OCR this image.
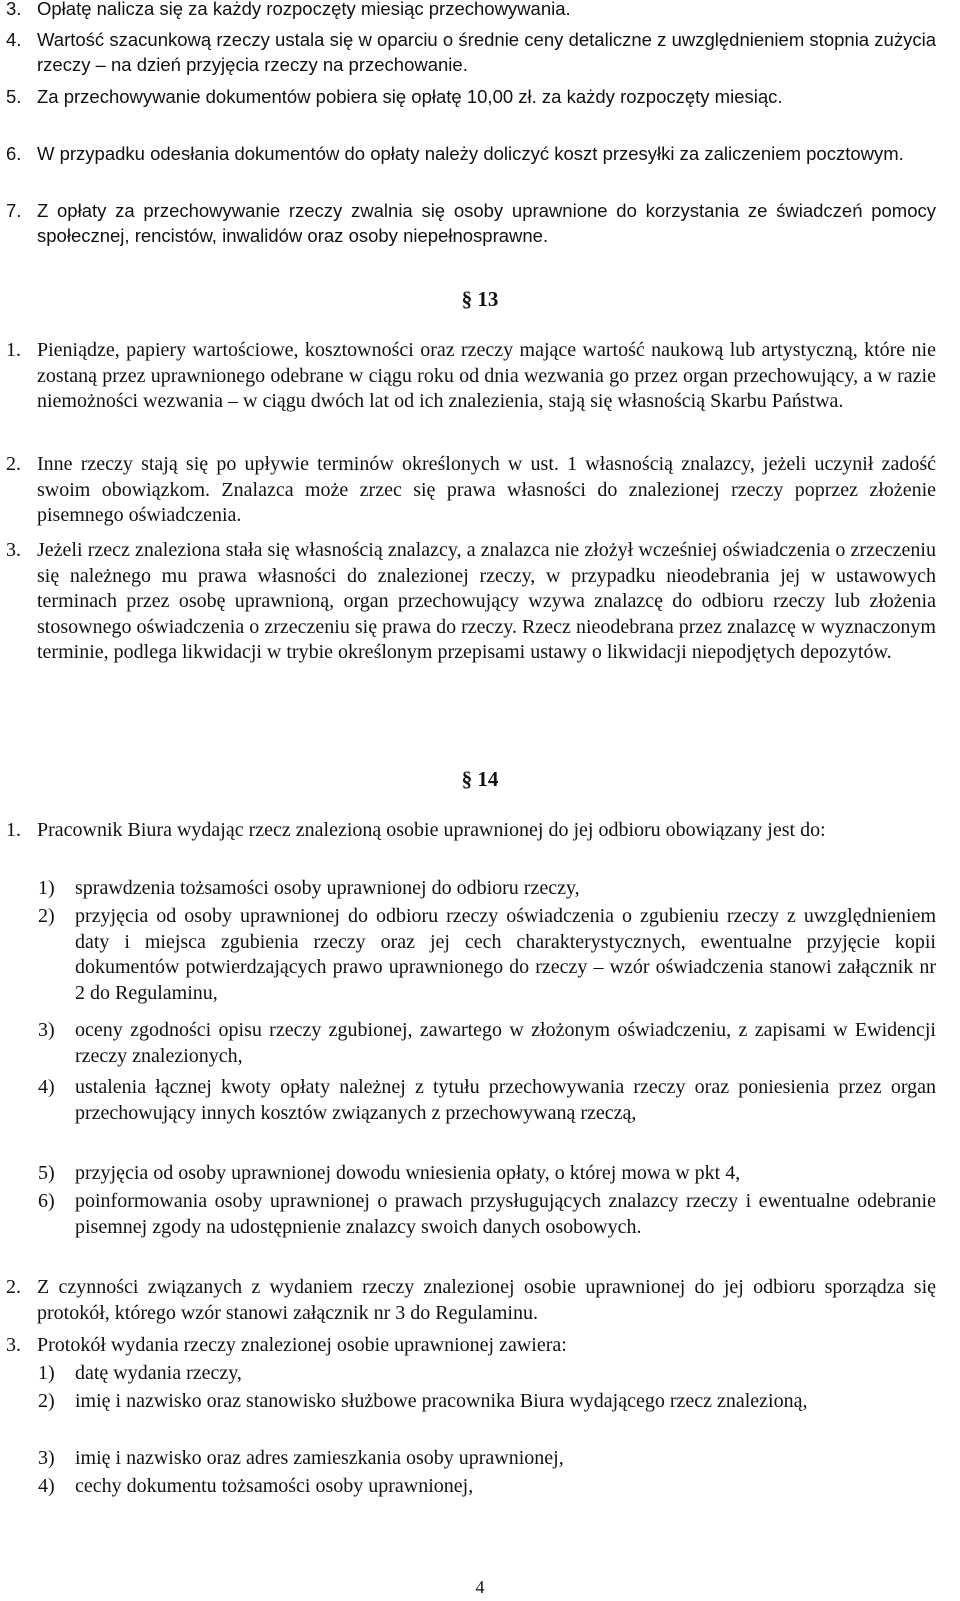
3. Opłatę nalicza się za każdy rozpoczęty miesiąc przechowywania.
4. Wartość szacunkową rzeczy ustala się w oparciu o średnie ceny detaliczne z uwzględnieniem stopnia zużycia rzeczy – na dzień przyjęcia rzeczy na przechowanie.
5. Za przechowywanie dokumentów pobiera się opłatę 10,00 zł. za każdy rozpoczęty miesiąc.
6. W przypadku odesłania dokumentów do opłaty należy doliczyć koszt przesyłki za zaliczeniem pocztowym.
7. Z opłaty za przechowywanie rzeczy zwalnia się osoby uprawnione do korzystania ze świadczeń pomocy społecznej, rencistów, inwalidów oraz osoby niepełnosprawne.
§ 13
1. Pieniądze, papiery wartościowe, kosztowności oraz rzeczy mające wartość naukową lub artystyczną, które nie zostaną przez uprawnionego odebrane w ciągu roku od dnia wezwania go przez organ przechowujący, a w razie niemożności wezwania – w ciągu dwóch lat od ich znalezienia, stają się własnością Skarbu Państwa.
2. Inne rzeczy stają się po upływie terminów określonych w ust. 1 własnością znalazcy, jeżeli uczynił zadość swoim obowiązkom. Znalazca może zrzec się prawa własności do znalezionej rzeczy poprzez złożenie pisemnego oświadczenia.
3. Jeżeli rzecz znaleziona stała się własnością znalazcy, a znalazca nie złożył wcześniej oświadczenia o zrzeczeniu się należnego mu prawa własności do znalezionej rzeczy, w przypadku nieodebrania jej w ustawowych terminach przez osobę uprawnioną, organ przechowujący wzywa znalazcę do odbioru rzeczy lub złożenia stosownego oświadczenia o zrzeczeniu się prawa do rzeczy. Rzecz nieodebrana przez znalazcę w wyznaczonym terminie, podlega likwidacji w trybie określonym przepisami ustawy o likwidacji niepodjętych depozytów.
§ 14
1. Pracownik Biura wydając rzecz znalezioną osobie uprawnionej do jej odbioru obowiązany jest do:
1)	sprawdzenia tożsamości osoby uprawnionej do odbioru rzeczy,
2)	przyjęcia od osoby uprawnionej do odbioru rzeczy oświadczenia o zgubieniu rzeczy z uwzględnieniem daty i miejsca zgubienia rzeczy oraz jej cech charakterystycznych, ewentualne przyjęcie kopii dokumentów potwierdzających prawo uprawnionego do rzeczy – wzór oświadczenia stanowi załącznik nr 2 do Regulaminu,
3)	oceny zgodności opisu rzeczy zgubionej, zawartego w złożonym oświadczeniu, z zapisami w Ewidencji rzeczy znalezionych,
4)	ustalenia łącznej kwoty opłaty należnej z tytułu przechowywania rzeczy oraz poniesienia przez organ przechowujący innych kosztów związanych z przechowywaną rzeczą,
5)	przyjęcia od osoby uprawnionej dowodu wniesienia opłaty, o której mowa w pkt 4,
6)	poinformowania osoby uprawnionej o prawach przysługujących znalazcy rzeczy i ewentualne odebranie pisemnej zgody na udostępnienie znalazcy swoich danych osobowych.
2. Z czynności związanych z wydaniem rzeczy znalezionej osobie uprawnionej do jej odbioru sporządza się protokół, którego wzór stanowi załącznik nr 3 do Regulaminu.
3. Protokół wydania rzeczy znalezionej osobie uprawnionej zawiera:
1)	datę wydania rzeczy,
2)	imię i nazwisko oraz stanowisko służbowe pracownika Biura wydającego rzecz znalezioną,
3)	imię i nazwisko oraz adres zamieszkania osoby uprawnionej,
4)	cechy dokumentu tożsamości osoby uprawnionej,
4
